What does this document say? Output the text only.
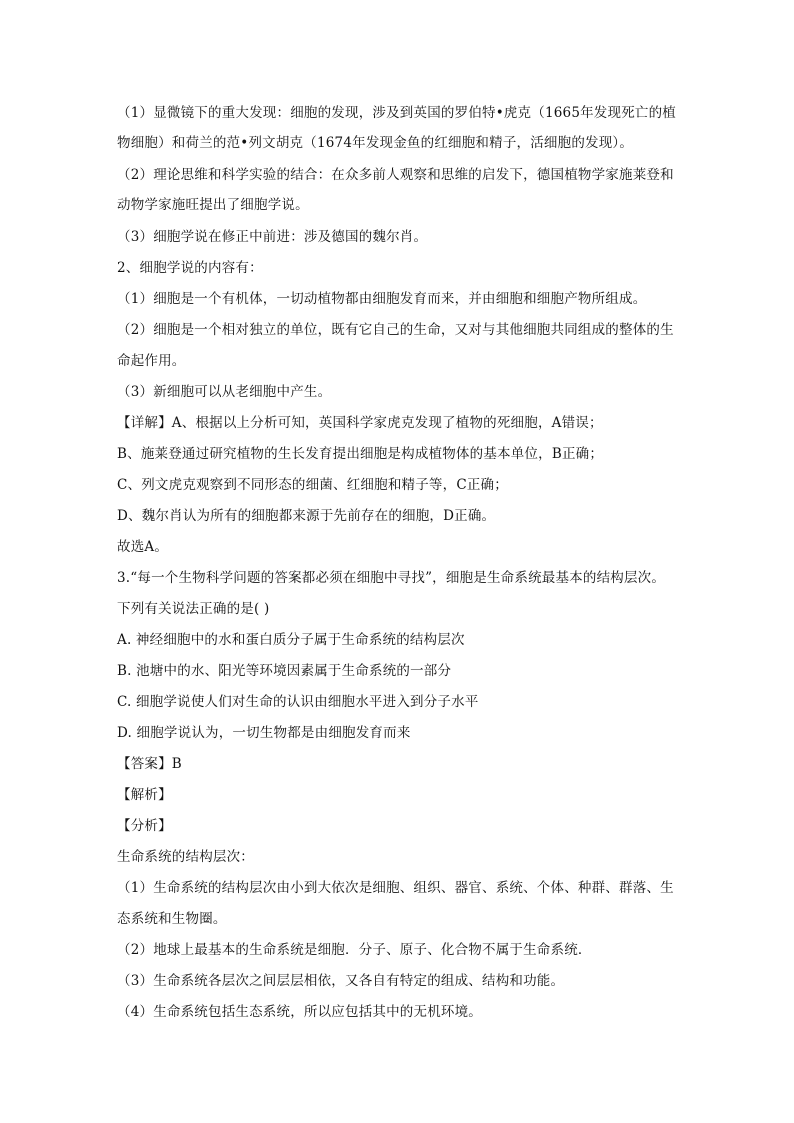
（1）显微镜下的重大发现：细胞的发现，涉及到英国的罗伯特•虎克（1665年发现死亡的植
物细胞）和荷兰的范•列文胡克（1674年发现金鱼的红细胞和精子，活细胞的发现）。
（2）理论思维和科学实验的结合：在众多前人观察和思维的启发下，德国植物学家施莱登和
动物学家施旺提出了细胞学说。
（3）细胞学说在修正中前进：涉及德国的魏尔肖。
2、细胞学说的内容有：
（1）细胞是一个有机体，一切动植物都由细胞发育而来，并由细胞和细胞产物所组成。
（2）细胞是一个相对独立的单位，既有它自己的生命，又对与其他细胞共同组成的整体的生
命起作用。
（3）新细胞可以从老细胞中产生。
【详解】A、根据以上分析可知，英国科学家虎克发现了植物的死细胞，A错误；
B、施莱登通过研究植物的生长发育提出细胞是构成植物体的基本单位，B正确；
C、列文虎克观察到不同形态的细菌、红细胞和精子等，C正确；
D、魏尔肖认为所有的细胞都来源于先前存在的细胞，D正确。
故选A。
3.“每一个生物科学问题的答案都必须在细胞中寻找”，细胞是生命系统最基本的结构层次。
下列有关说法正确的是( )
A. 神经细胞中的水和蛋白质分子属于生命系统的结构层次
B. 池塘中的水、阳光等环境因素属于生命系统的一部分
C. 细胞学说使人们对生命的认识由细胞水平进入到分子水平
D. 细胞学说认为，一切生物都是由细胞发育而来
【答案】B
【解析】
【分析】
生命系统的结构层次：
（1）生命系统的结构层次由小到大依次是细胞、组织、器官、系统、个体、种群、群落、生
态系统和生物圈。
（2）地球上最基本的生命系统是细胞．分子、原子、化合物不属于生命系统．
（3）生命系统各层次之间层层相依，又各自有特定的组成、结构和功能。
（4）生命系统包括生态系统，所以应包括其中的无机环境。
